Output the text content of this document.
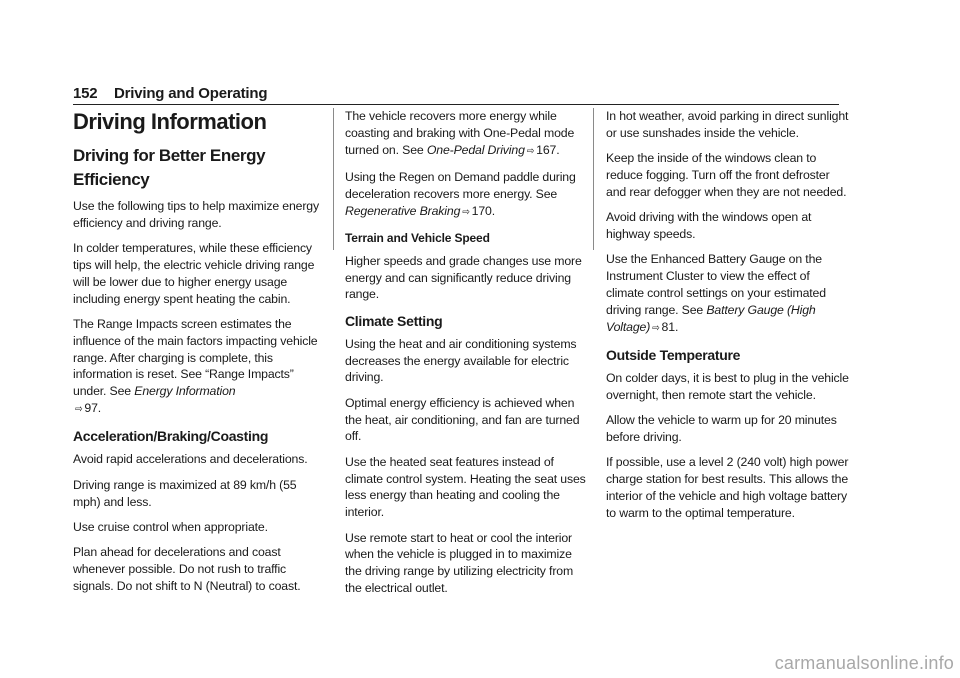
152 Driving and Operating
Driving Information
Driving for Better Energy
Efficiency

Use the following tips to help maximize energy efficiency and driving range.

In colder temperatures, while these efficiency tips will help, the electric vehicle driving range will be lower due to higher energy usage including energy spent heating the cabin.

The Range Impacts screen estimates the influence of the main factors impacting vehicle range. After charging is complete, this information is reset. See “Range Impacts” under. See Energy Information
⇨ 97.

Acceleration/Braking/Coasting

Avoid rapid accelerations and decelerations.

Driving range is maximized at 89 km/h (55 mph) and less.

Use cruise control when appropriate.

Plan ahead for decelerations and coast whenever possible. Do not rush to traffic signals. Do not shift to N (Neutral) to coast.

The vehicle recovers more energy while coasting and braking with One-Pedal mode turned on. See One-Pedal Driving ⇨ 167.

Using the Regen on Demand paddle during deceleration recovers more energy. See Regenerative Braking ⇨ 170.

Terrain and Vehicle Speed

Higher speeds and grade changes use more energy and can significantly reduce driving range.

Climate Setting

Using the heat and air conditioning systems decreases the energy available for electric driving.

Optimal energy efficiency is achieved when the heat, air conditioning, and fan are turned off.

Use the heated seat features instead of climate control system. Heating the seat uses less energy than heating and cooling the interior.

Use remote start to heat or cool the interior when the vehicle is plugged in to maximize the driving range by utilizing electricity from the electrical outlet.

In hot weather, avoid parking in direct sunlight or use sunshades inside the vehicle.

Keep the inside of the windows clean to reduce fogging. Turn off the front defroster and rear defogger when they are not needed.

Avoid driving with the windows open at highway speeds.

Use the Enhanced Battery Gauge on the Instrument Cluster to view the effect of climate control settings on your estimated driving range. See Battery Gauge (High Voltage) ⇨ 81.

Outside Temperature

On colder days, it is best to plug in the vehicle overnight, then remote start the vehicle.

Allow the vehicle to warm up for 20 minutes before driving.

If possible, use a level 2 (240 volt) high power charge station for best results. This allows the interior of the vehicle and high voltage battery to warm to the optimal temperature.

carmanualsonline.info
